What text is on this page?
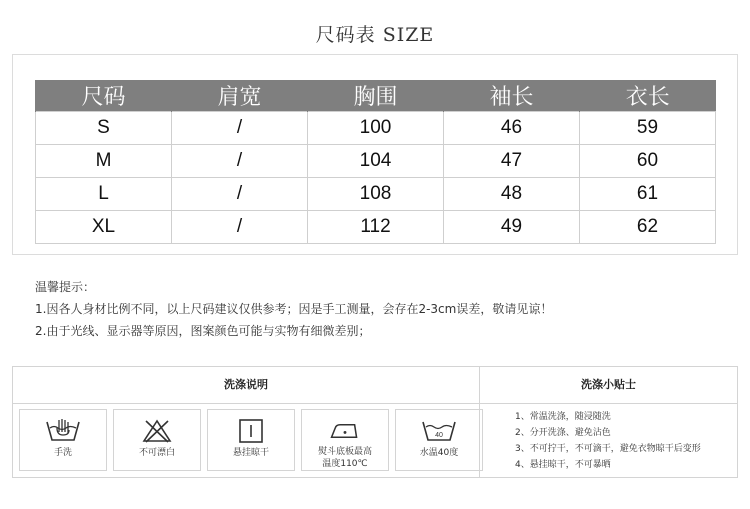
尺码表 SIZE
尺码	肩宽	胸围	袖长	衣长
S	/	100	46	59
M	/	104	47	60
L	/	108	48	61
XL	/	112	49	62
温馨提示：
1.因各人身材比例不同，以上尺码建议仅供参考；因是手工测量，会存在2-3cm误差，敬请见谅！
2.由于光线、显示器等原因，图案颜色可能与实物有细微差别；
洗涤说明	洗涤小贴士
手洗	不可漂白	悬挂晾干	熨斗底板最高
温度110℃
40
水温40度
1、常温洗涤，随浸随洗
2、分开洗涤、避免沾色
3、不可拧干，不可滴干，避免衣物晾干后变形
4、悬挂晾干，不可暴晒
